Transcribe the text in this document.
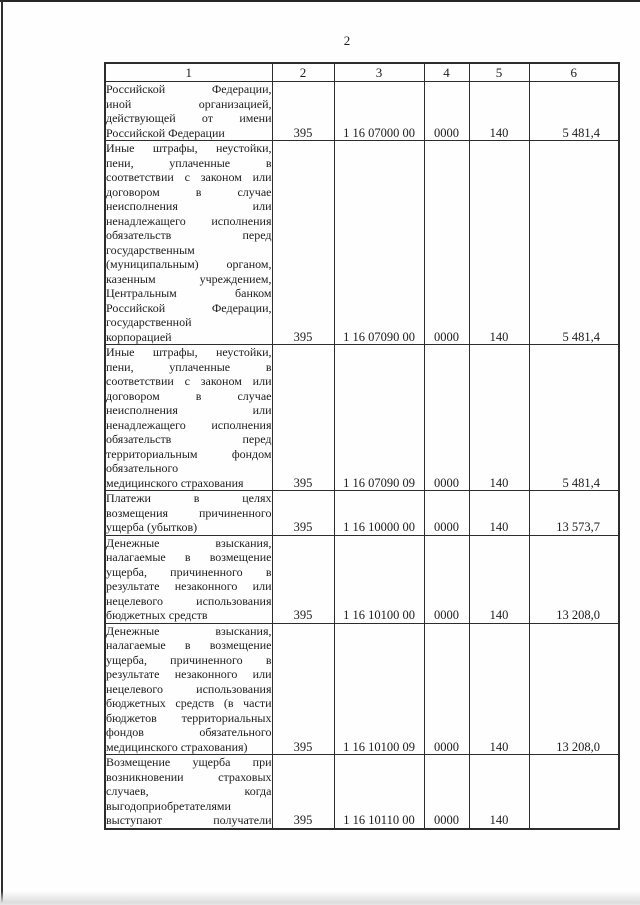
2
1	2	3	4	5	6

Российской Федерации,
иной организацией,
действующей от имени
Российской Федерации	395	1 16 07000 00	0000	140	5 481,4

Иные штрафы, неустойки,
пени, уплаченные в
соответствии с законом или
договором в случае
неисполнения или
ненадлежащего исполнения
обязательств перед
государственным
(муниципальным) органом,
казенным учреждением,
Центральным банком
Российской Федерации,
государственной
корпорацией	395	1 16 07090 00	0000	140	5 481,4

Иные штрафы, неустойки,
пени, уплаченные в
соответствии с законом или
договором в случае
неисполнения или
ненадлежащего исполнения
обязательств перед
территориальным фондом
обязательного
медицинского страхования	395	1 16 07090 09	0000	140	5 481,4

Платежи в целях
возмещения причиненного
ущерба (убытков)	395	1 16 10000 00	0000	140	13 573,7

Денежные взыскания,
налагаемые в возмещение
ущерба, причиненного в
результате незаконного или
нецелевого использования
бюджетных средств	395	1 16 10100 00	0000	140	13 208,0

Денежные взыскания,
налагаемые в возмещение
ущерба, причиненного в
результате незаконного или
нецелевого использования
бюджетных средств (в части
бюджетов территориальных
фондов обязательного
медицинского страхования)	395	1 16 10100 09	0000	140	13 208,0

Возмещение ущерба при
возникновении страховых
случаев, когда
выгодоприобретателями
выступают получатели	395	1 16 10110 00	0000	140	
